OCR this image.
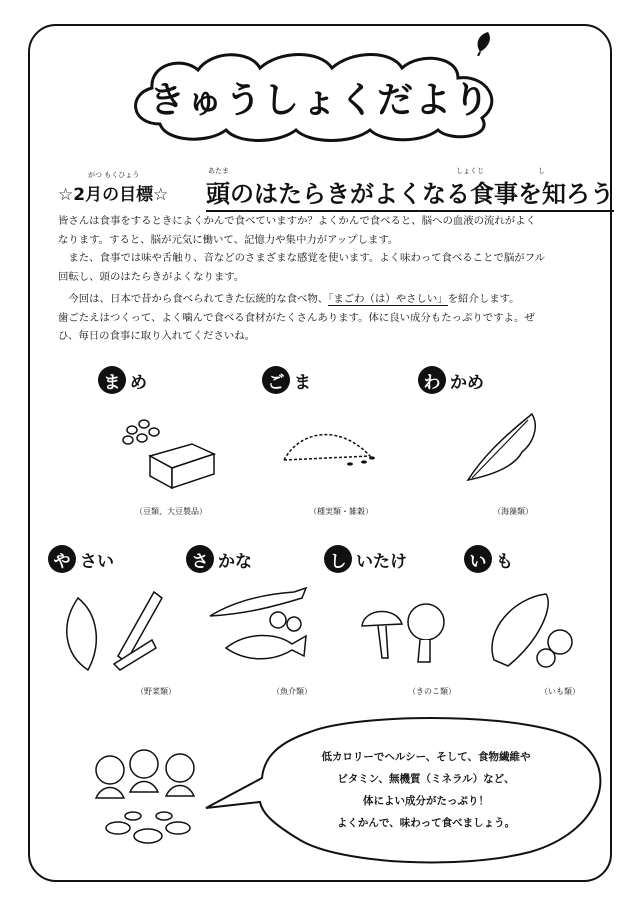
きゅうしょくだより
がつ もくひょう
☆2月の目標☆
あたま	しょくじ	し
頭のはたらきがよくなる食事を知ろう
皆さんは食事をするときによくかんで食べていますか？よくかんで食べると、脳への血液の流れがよく
なります。すると、脳が元気に働いて、記憶力や集中力がアップします。
　また、食事では味や舌触り、音などのさまざまな感覚を使います。よく味わって食べることで脳がフル
回転し、頭のはたらきがよくなります。
　今回は、日本で昔から食べられてきた伝統的な食べ物、「まごわ（は）やさしい」を紹介します。
歯ごたえはつくって、よく噛んで食べる食材がたくさんあります。体に良い成分もたっぷりですよ。ぜ
ひ、毎日の食事に取り入れてくださいね。
ま め	ご ま	わ かめ
（豆類、大豆製品）	（種実類・雑穀）	（海藻類）
や さい	さ かな	し いたけ	い も
（野菜類）	（魚介類）	（きのこ類）	（いも類）
低カロリーでヘルシー、そして、食物繊維や
ビタミン、無機質（ミネラル）など、
体によい成分がたっぷり！
よくかんで、味わって食べましょう。
